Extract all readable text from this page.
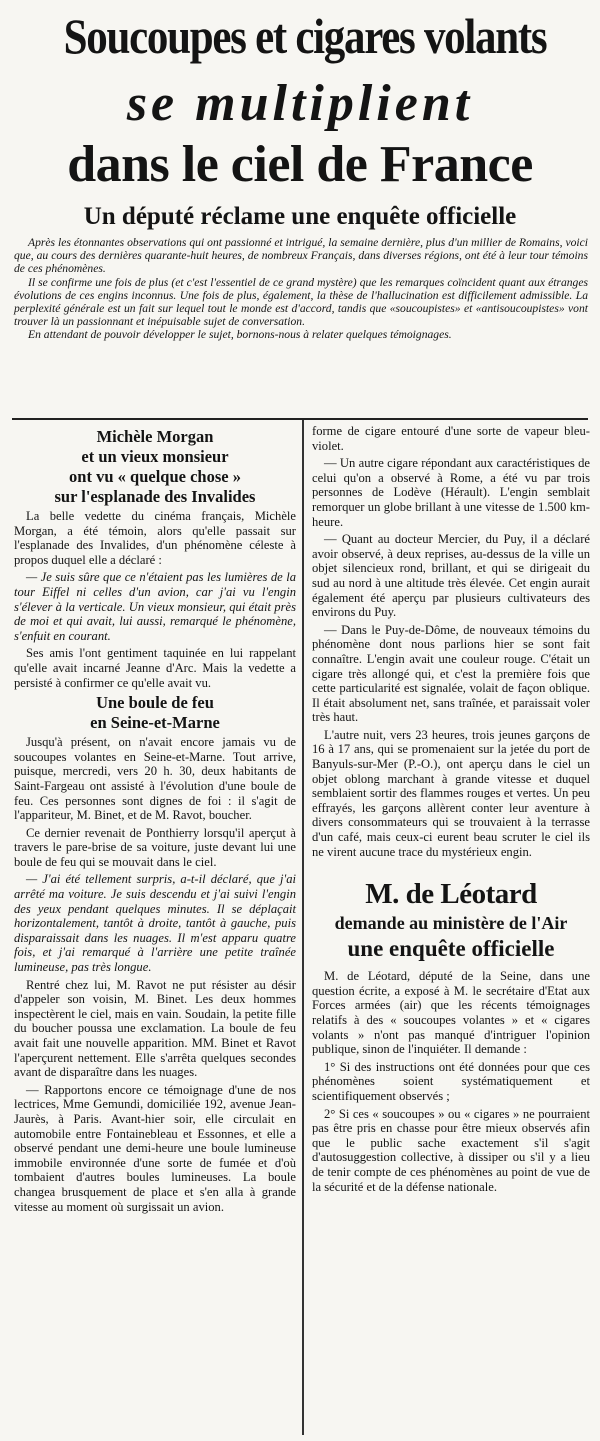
Soucoupes et cigares volants
se multiplient
dans le ciel de France
Un député réclame une enquête officielle

Après les étonnantes observations qui ont passionné et intrigué, la semaine dernière, plus d'un millier de Romains, voici que, au cours des dernières quarante-huit heures, de nombreux Français, dans diverses régions, ont été à leur tour témoins de ces phénomènes.

Il se confirme une fois de plus (et c'est l'essentiel de ce grand mystère) que les remarques coïncident quant aux étranges évolutions de ces engins inconnus. Une fois de plus, également, la thèse de l'hallucination est difficilement admissible. La perplexité générale est un fait sur lequel tout le monde est d'accord, tandis que «soucoupistes» et «antisoucoupistes» vont trouver là un passionnant et inépuisable sujet de conversation.

En attendant de pouvoir développer le sujet, bornons-nous à relater quelques témoignages.

Michèle Morgan
et un vieux monsieur
ont vu « quelque chose »
sur l'esplanade des Invalides

La belle vedette du cinéma français, Michèle Morgan, a été témoin, alors qu'elle passait sur l'esplanade des Invalides, d'un phénomène céleste à propos duquel elle a déclaré :

— Je suis sûre que ce n'étaient pas les lumières de la tour Eiffel ni celles d'un avion, car j'ai vu l'engin s'élever à la verticale. Un vieux monsieur, qui était près de moi et qui avait, lui aussi, remarqué le phénomène, s'enfuit en courant.

Ses amis l'ont gentiment taquinée en lui rappelant qu'elle avait incarné Jeanne d'Arc. Mais la vedette a persisté à confirmer ce qu'elle avait vu.

Une boule de feu
en Seine-et-Marne

Jusqu'à présent, on n'avait encore jamais vu de soucoupes volantes en Seine-et-Marne. Tout arrive, puisque, mercredi, vers 20 h. 30, deux habitants de Saint-Fargeau ont assisté à l'évolution d'une boule de feu. Ces personnes sont dignes de foi : il s'agit de l'appariteur, M. Binet, et de M. Ravot, boucher.

Ce dernier revenait de Ponthierry lorsqu'il aperçut à travers le pare-brise de sa voiture, juste devant lui une boule de feu qui se mouvait dans le ciel.

— J'ai été tellement surpris, a-t-il déclaré, que j'ai arrêté ma voiture. Je suis descendu et j'ai suivi l'engin des yeux pendant quelques minutes. Il se déplaçait horizontalement, tantôt à droite, tantôt à gauche, puis disparaissait dans les nuages. Il m'est apparu quatre fois, et j'ai remarqué à l'arrière une petite traînée lumineuse, pas très longue.

Rentré chez lui, M. Ravot ne put résister au désir d'appeler son voisin, M. Binet. Les deux hommes inspectèrent le ciel, mais en vain. Soudain, la petite fille du boucher poussa une exclamation. La boule de feu avait fait une nouvelle apparition. MM. Binet et Ravot l'aperçurent nettement. Elle s'arrêta quelques secondes avant de disparaître dans les nuages.

— Rapportons encore ce témoignage d'une de nos lectrices, Mme Gemundi, domiciliée 192, avenue Jean-Jaurès, à Paris. Avant-hier soir, elle circulait en automobile entre Fontainebleau et Essonnes, et elle a observé pendant une demi-heure une boule lumineuse immobile environnée d'une sorte de fumée et d'où tombaient d'autres boules lumineuses. La boule changea brusquement de place et s'en alla à grande vitesse au moment où surgissait un avion.

forme de cigare entouré d'une sorte de vapeur bleu-violet.

— Un autre cigare répondant aux caractéristiques de celui qu'on a observé à Rome, a été vu par trois personnes de Lodève (Hérault). L'engin semblait remorquer un globe brillant à une vitesse de 1.500 km-heure.

— Quant au docteur Mercier, du Puy, il a déclaré avoir observé, à deux reprises, au-dessus de la ville un objet silencieux rond, brillant, et qui se dirigeait du sud au nord à une altitude très élevée. Cet engin aurait également été aperçu par plusieurs cultivateurs des environs du Puy.

— Dans le Puy-de-Dôme, de nouveaux témoins du phénomène dont nous parlions hier se sont fait connaître. L'engin avait une couleur rouge. C'était un cigare très allongé qui, et c'est la première fois que cette particularité est signalée, volait de façon oblique. Il était absolument net, sans traînée, et paraissait voler très haut.

L'autre nuit, vers 23 heures, trois jeunes garçons de 16 à 17 ans, qui se promenaient sur la jetée du port de Banyuls-sur-Mer (P.-O.), ont aperçu dans le ciel un objet oblong marchant à grande vitesse et duquel semblaient sortir des flammes rouges et vertes. Un peu effrayés, les garçons allèrent conter leur aventure à divers consommateurs qui se trouvaient à la terrasse d'un café, mais ceux-ci eurent beau scruter le ciel ils ne virent aucune trace du mystérieux engin.

M. de Léotard
demande au ministère de l'Air
une enquête officielle

M. de Léotard, député de la Seine, dans une question écrite, a exposé à M. le secrétaire d'Etat aux Forces armées (air) que les récents témoignages relatifs à des « soucoupes volantes » et « cigares volants » n'ont pas manqué d'intriguer l'opinion publique, sinon de l'inquiéter. Il demande :

1° Si des instructions ont été données pour que ces phénomènes soient systématiquement et scientifiquement observés ;

2° Si ces « soucoupes » ou « cigares » ne pourraient pas être pris en chasse pour être mieux observés afin que le public sache exactement s'il s'agit d'autosuggestion collective, à dissiper ou s'il y a lieu de tenir compte de ces phénomènes au point de vue de la sécurité et de la défense nationale.
